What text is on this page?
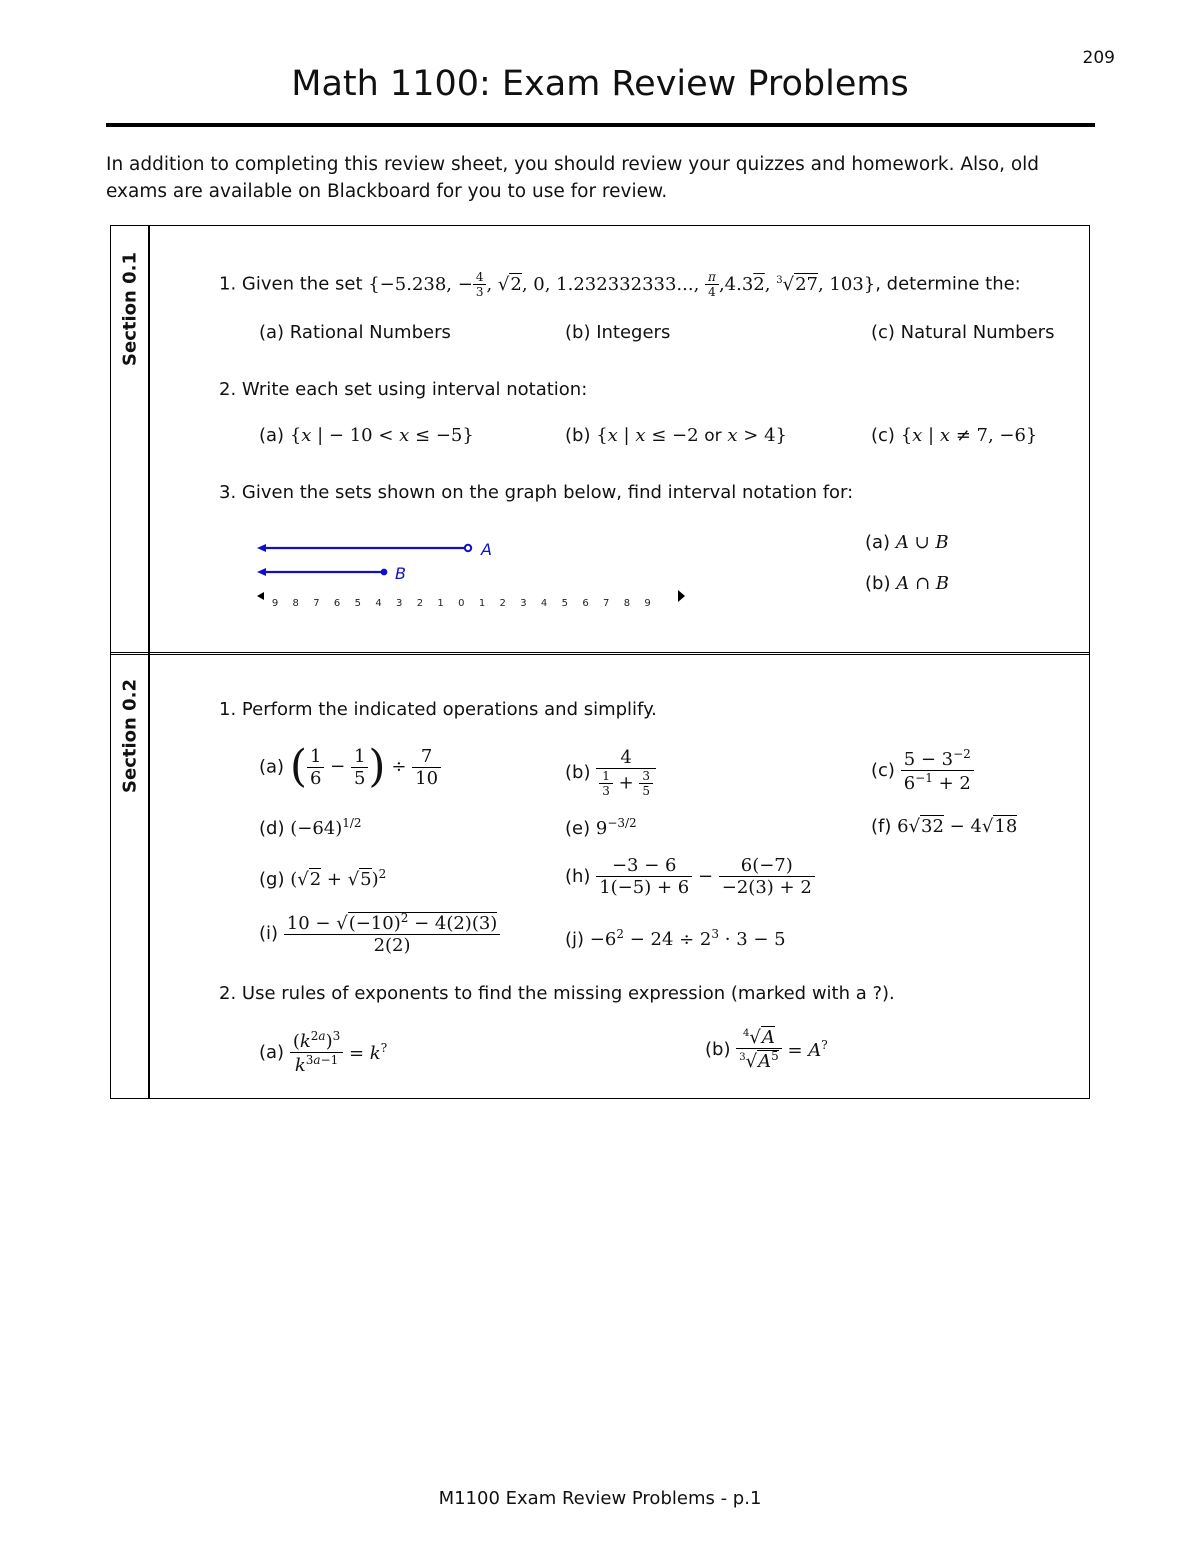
209
Math 1100: Exam Review Problems
In addition to completing this review sheet, you should review your quizzes and homework. Also, old exams are available on Blackboard for you to use for review.
Section 0.1	1. Given the set {−5.238, − $\frac{4}{3}$ , √2, 0, 1.232332333..., $\frac{\pi}{4} ,4.32$, $^3$√27, 103}, determine the:
(a) Rational Numbers	(b) Integers	(c) Natural Numbers
2. Write each set using interval notation:
(a) {x | − 10 < x ≤ −5}	(b) {x | x ≤ −2 or x > 4}	(c) {x | x ≠ 7, −6}
3. Given the sets shown on the graph below, find interval notation for:
A
B
9 8 7 6 5 4 3 2 1 0 1 2 3 4 5 6 7 8 9
(a) A ∪ B
(b) A ∩ B
Section 0.2	1. Perform the indicated operations and simplify.
(a) ( $\frac{1}{6} - \frac{1}{5}$ ) ÷ $\frac{7}{10}$	$(b) \frac{4}{\frac{1}{3} + \frac{3}{5}}$	$(c) \frac{5 - 3^{-2}}{6^{-1} + 2}$
(d) $(-64)^{1/2}$	(e) $9^{-3/2}$	(f) 6√32 − 4√18
(g) $(√2 + √5)^2$	$(h) \frac{-3 - 6}{1(-5) + 6} - \frac{6(-7)}{-2(3) + 2}$
$(i) \frac{10 - √(-10)^2 - 4(2)(3)}{2(2)}$	$(j) -6^2 - 24 \div 2^3 \cdot 3 - 5$
2. Use rules of exponents to find the missing expression (marked with a ?).
$(a) \frac{(k^{2a})^3}{k^{3a-1}} = k^?$	$(b) \frac{^4√A}{^3√A^5} = A^?$
M1100 Exam Review Problems - p.1
